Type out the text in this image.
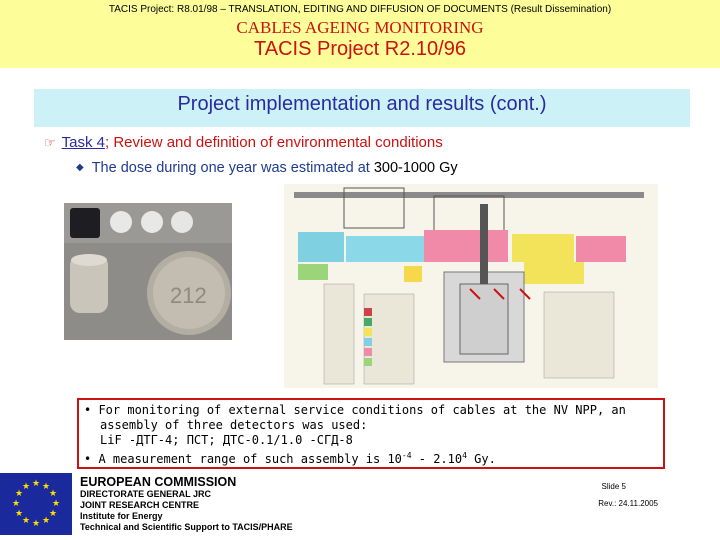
TACIS Project: R8.01/98 – TRANSLATION, EDITING AND DIFFUSION OF DOCUMENTS (Result Dissemination)
CABLES AGEING MONITORING
TACIS Project R2.10/96
Project implementation and results (cont.)
☞ Task 4; Review and definition of environmental conditions
◆ The dose during one year was estimated at 300-1000 Gy
212
• For monitoring of external service conditions of cables at the NV NPP, an
assembly of three detectors was used:
LiF -ДТГ-4; ПСТ; ДТС-0.1/1.0 -СГД-8
• A measurement range of such assembly is $10^{-4} - 2.10^4$ Gy.
★ ★
★
★
★
★
★
★
★
★
★
★	EUROPEAN COMMISSION
DIRECTORATE GENERAL JRC
JOINT RESEARCH CENTRE
Institute for Energy
Technical and Scientific Support to TACIS/PHARE
Slide 5
Rev.: 24.11.2005
